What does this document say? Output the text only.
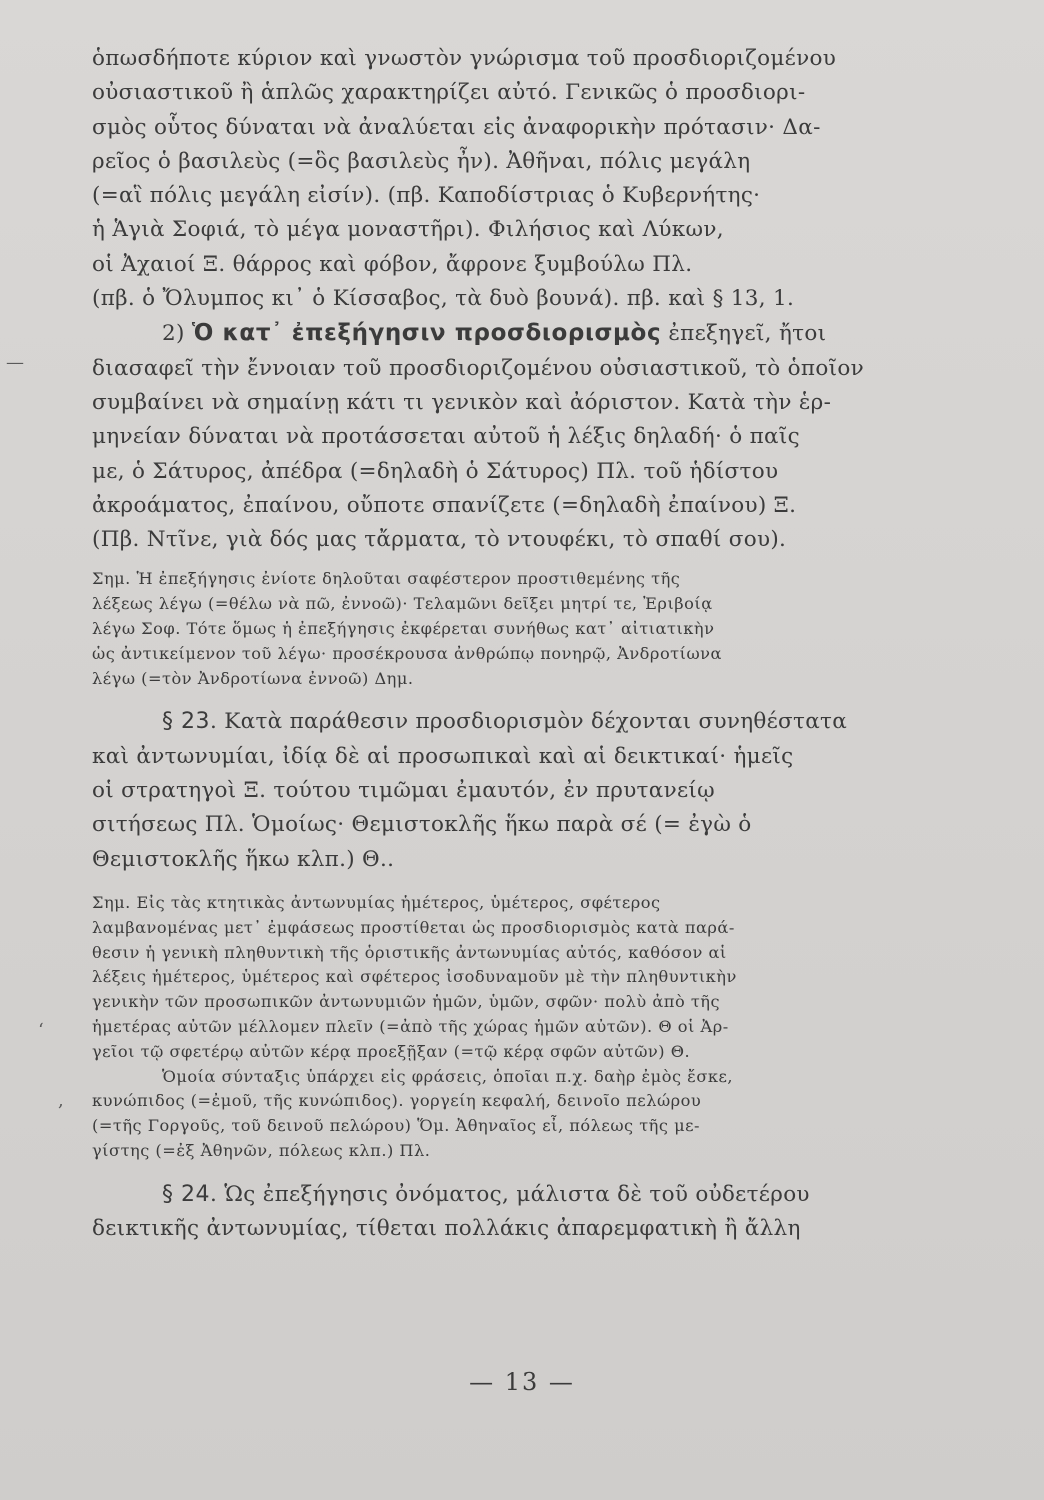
ὁπωσδήποτε κύριον καὶ γνωστὸν γνώρισμα τοῦ προσδιοριζομένου
οὐσιαστικοῦ ἢ ἁπλῶς χαρακτηρίζει αὐτό. Γενικῶς ὁ προσδιορι-
σμὸς οὗτος δύναται νὰ ἀναλύεται εἰς ἀναφορικὴν πρότασιν· Δα-
ρεῖος ὁ βασιλεὺς (=ὃς βασιλεὺς ἦν). Ἀθῆναι, πόλις μεγάλη
(=αἳ πόλις μεγάλη εἰσίν). (πβ. Καποδίστριας ὁ Κυβερνήτης·
ἡ Ἁγιὰ Σοφιά, τὸ μέγα μοναστῆρι). Φιλήσιος καὶ Λύκων,
οἱ Ἀχαιοί Ξ. θάρρος καὶ φόβον, ἄφρονε ξυμβούλω Πλ.
(πβ. ὁ Ὄλυμπος κι᾿ ὁ Κίσσαβος, τὰ δυὸ βουνά). πβ. καὶ § 13, 1.

2) Ὁ κατ᾿ ἐπεξήγησιν προσδιορισμὸς ἐπεξηγεῖ, ἤτοι
διασαφεῖ τὴν ἔννοιαν τοῦ προσδιοριζομένου οὐσιαστικοῦ, τὸ ὁποῖον
συμβαίνει νὰ σημαίνῃ κάτι τι γενικὸν καὶ ἀόριστον. Κατὰ τὴν ἑρ-
μηνείαν δύναται νὰ προτάσσεται αὐτοῦ ἡ λέξις δηλαδή· ὁ παῖς
με, ὁ Σάτυρος, ἀπέδρα (=δηλαδὴ ὁ Σάτυρος) Πλ. τοῦ ἡδίστου
ἀκροάματος, ἐπαίνου, οὔποτε σπανίζετε (=δηλαδὴ ἐπαίνου) Ξ.
(Πβ. Ντῖνε, γιὰ δός μας τἄρματα, τὸ ντουφέκι, τὸ σπαθί σου).

Σημ. Ἡ ἐπεξήγησις ἐνίοτε δηλοῦται σαφέστερον προστιθεμένης τῆς
λέξεως λέγω (=θέλω νὰ πῶ, ἐννοῶ)· Τελαμῶνι δεῖξει μητρί τε, Ἐριβοίᾳ
λέγω Σοφ. Τότε ὅμως ἡ ἐπεξήγησις ἐκφέρεται συνήθως κατ᾿ αἰτιατικὴν
ὡς ἀντικείμενον τοῦ λέγω· προσέκρουσα ἀνθρώπῳ πονηρῷ, Ἀνδροτίωνα
λέγω (=τὸν Ἀνδροτίωνα ἐννοῶ) Δημ.

§ 23. Κατὰ παράθεσιν προσδιορισμὸν δέχονται συνηθέστατα
καὶ ἀντωνυμίαι, ἰδίᾳ δὲ αἱ προσωπικαὶ καὶ αἱ δεικτικαί· ἡμεῖς
οἱ στρατηγοὶ Ξ. τούτου τιμῶμαι ἐμαυτόν, ἐν πρυτανείῳ
σιτήσεως Πλ. Ὁμοίως· Θεμιστοκλῆς ἥκω παρὰ σέ (= ἐγὼ ὁ
Θεμιστοκλῆς ἥκω κλπ.) Θ..

Σημ. Εἰς τὰς κτητικὰς ἀντωνυμίας ἡμέτερος, ὑμέτερος, σφέτερος
λαμβανομένας μετ᾿ ἐμφάσεως προστίθεται ὡς προσδιορισμὸς κατὰ παρά-
θεσιν ἡ γενικὴ πληθυντικὴ τῆς ὁριστικῆς ἀντωνυμίας αὐτός, καθόσον αἱ
λέξεις ἡμέτερος, ὑμέτερος καὶ σφέτερος ἰσοδυναμοῦν μὲ τὴν πληθυντικὴν
γενικὴν τῶν προσωπικῶν ἀντωνυμιῶν ἡμῶν, ὑμῶν, σφῶν· πολὺ ἀπὸ τῆς
ἡμετέρας αὐτῶν μέλλομεν πλεῖν (=ἀπὸ τῆς χώρας ἡμῶν αὐτῶν). Θ οἱ Ἀρ-
γεῖοι τῷ σφετέρῳ αὐτῶν κέρᾳ προεξῇξαν (=τῷ κέρᾳ σφῶν αὐτῶν) Θ.

Ὁμοία σύνταξις ὑπάρχει εἰς φράσεις, ὁποῖαι π.χ. δαὴρ ἐμὸς ἔσκε,
κυνώπιδος (=ἐμοῦ, τῆς κυνώπιδος). γοργείη κεφαλή, δεινοῖο πελώρου
(=τῆς Γοργοῦς, τοῦ δεινοῦ πελώρου) Ὅμ. Ἀθηναῖος εἶ, πόλεως τῆς με-
γίστης (=ἐξ Ἀθηνῶν, πόλεως κλπ.) Πλ.

§ 24. Ὡς ἐπεξήγησις ὀνόματος, μάλιστα δὲ τοῦ οὐδετέρου
δεικτικῆς ἀντωνυμίας, τίθεται πολλάκις ἀπαρεμφατικὴ ἢ ἄλλη

—
‘
,
— 13 —
